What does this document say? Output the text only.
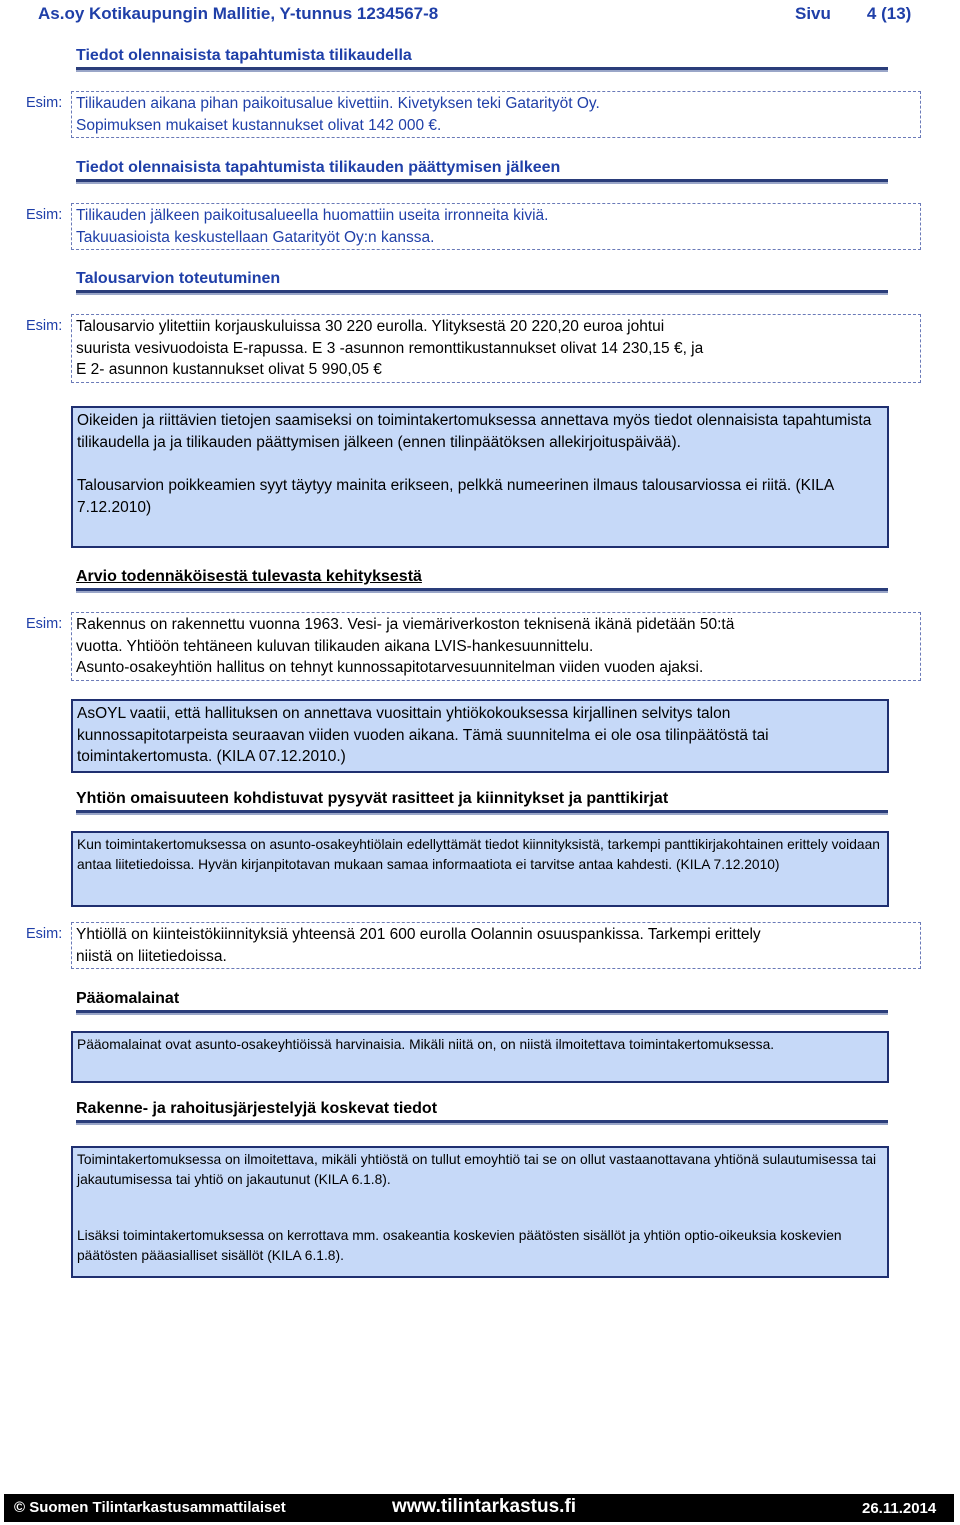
As.oy Kotikaupungin Mallitie, Y-tunnus 1234567-8	Sivu 4 (13)
Tiedot olennaisista tapahtumista tilikaudella
Esim: Tilikauden aikana pihan paikoitusalue kivettiin. Kivetyksen teki Gatarityöt Oy.
Sopimuksen mukaiset kustannukset olivat 142 000 €.
Tiedot olennaisista tapahtumista tilikauden päättymisen jälkeen
Esim: Tilikauden jälkeen paikoitusalueella huomattiin useita irronneita kiviä.
Takuuasioista keskustellaan Gatarityöt Oy:n kanssa.
Talousarvion toteutuminen
Esim: Talousarvio ylitettiin korjauskuluissa 30 220 eurolla. Ylityksestä 20 220,20 euroa johtui
suurista vesivuodoista E-rapussa. E 3 -asunnon remonttikustannukset olivat 14 230,15 €, ja
E 2- asunnon kustannukset olivat 5 990,05 €

Oikeiden ja riittävien tietojen saamiseksi on toimintakertomuksessa annettava myös tiedot olennaisista tapahtumista tilikaudella ja ja tilikauden päättymisen jälkeen (ennen tilinpäätöksen allekirjoituspäivää).

Talousarvion poikkeamien syyt täytyy mainita erikseen, pelkkä numeerinen ilmaus talousarviossa ei riitä. (KILA 7.12.2010)

Arvio todennäköisestä tulevasta kehityksestä
Esim: Rakennus on rakennettu vuonna 1963. Vesi- ja viemäriverkoston teknisenä ikänä pidetään 50:tä
vuotta. Yhtiöön tehtäneen kuluvan tilikauden aikana LVIS-hankesuunnittelu.
Asunto-osakeyhtiön hallitus on tehnyt kunnossapitotarvesuunnitelman viiden vuoden ajaksi.

AsOYL vaatii, että hallituksen on annettava vuosittain yhtiökokouksessa kirjallinen selvitys talon kunnossapitotarpeista seuraavan viiden vuoden aikana. Tämä suunnitelma ei ole osa tilinpäätöstä tai toimintakertomusta. (KILA 07.12.2010.)

Yhtiön omaisuuteen kohdistuvat pysyvät rasitteet ja kiinnitykset ja panttikirjat

Kun toimintakertomuksessa on asunto-osakeyhtiölain edellyttämät tiedot kiinnityksistä, tarkempi panttikirjakohtainen erittely voidaan antaa liitetiedoissa. Hyvän kirjanpitotavan mukaan samaa informaatiota ei tarvitse antaa kahdesti. (KILA 7.12.2010)

Esim: Yhtiöllä on kiinteistökiinnityksiä yhteensä 201 600 eurolla Oolannin osuuspankissa. Tarkempi erittely
niistä on liitetiedoissa.
Pääomalainat

Pääomalainat ovat asunto-osakeyhtiöissä harvinaisia. Mikäli niitä on, on niistä ilmoitettava toimintakertomuksessa.

Rakenne- ja rahoitusjärjestelyjä koskevat tiedot

Toimintakertomuksessa on ilmoitettava, mikäli yhtiöstä on tullut emoyhtiö tai se on ollut vastaanottavana yhtiönä sulautumisessa tai jakautumisessa tai yhtiö on jakautunut (KILA 6.1.8).

Lisäksi toimintakertomuksessa on kerrottava mm. osakeantia koskevien päätösten sisällöt ja yhtiön optio-oikeuksia koskevien päätösten pääasialliset sisällöt (KILA 6.1.8).

© Suomen Tilintarkastusammattilaiset	www.tilintarkastus.fi	26.11.2014
